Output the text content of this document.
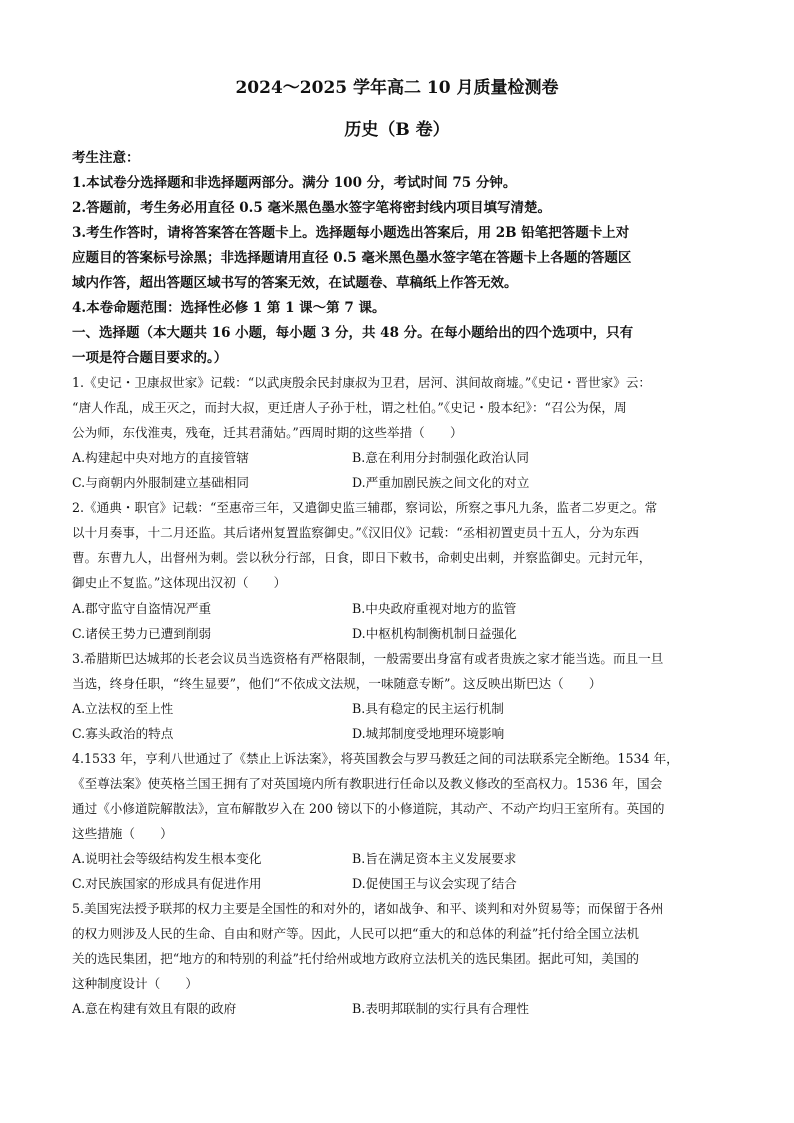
2024～2025 学年高二 10 月质量检测卷
历史（B 卷）
考生注意：
1.本试卷分选择题和非选择题两部分。满分 100 分，考试时间 75 分钟。
2.答题前，考生务必用直径 0.5 毫米黑色墨水签字笔将密封线内项目填写清楚。
3.考生作答时，请将答案答在答题卡上。选择题每小题选出答案后，用 2B 铅笔把答题卡上对
应题目的答案标号涂黑；非选择题请用直径 0.5 毫米黑色墨水签字笔在答题卡上各题的答题区
域内作答，超出答题区域书写的答案无效，在试题卷、草稿纸上作答无效。
4.本卷命题范围：选择性必修 1 第 1 课～第 7 课。
一、选择题（本大题共 16 小题，每小题 3 分，共 48 分。在每小题给出的四个选项中，只有
一项是符合题目要求的。）
1.《史记・卫康叔世家》记载：“以武庚殷余民封康叔为卫君，居河、淇间故商墟。”《史记・晋世家》云：
“唐人作乱，成王灭之，而封大叔，更迁唐人子孙于杜，谓之杜伯。”《史记・殷本纪》：“召公为保，周
公为师，东伐淮夷，残奄，迁其君蒲姑。”西周时期的这些举措（　　）
A.构建起中央对地方的直接管辖	B.意在利用分封制强化政治认同
C.与商朝内外服制建立基础相同	D.严重加剧民族之间文化的对立
2.《通典・职官》记载：“至惠帝三年，又遣御史监三辅郡，察词讼，所察之事凡九条，监者二岁更之。常
以十月奏事，十二月还监。其后诸州复置监察御史。”《汉旧仪》记载：“丞相初置吏员十五人，分为东西
曹。东曹九人，出督州为刺。尝以秋分行部，日食，即日下敕书，命刺史出刺，并察监御史。元封元年，
御史止不复监。”这体现出汉初（　　）
A.郡守监守自盗情况严重	B.中央政府重视对地方的监管
C.诸侯王势力已遭到削弱	D.中枢机构制衡机制日益强化
3.希腊斯巴达城邦的长老会议员当选资格有严格限制，一般需要出身富有或者贵族之家才能当选。而且一旦
当选，终身任职，“终生显要”，他们“不依成文法规，一味随意专断”。这反映出斯巴达（　　）
A.立法权的至上性	B.具有稳定的民主运行机制
C.寡头政治的特点	D.城邦制度受地理环境影响
4.1533 年，亨利八世通过了《禁止上诉法案》，将英国教会与罗马教廷之间的司法联系完全断绝。1534 年，
《至尊法案》使英格兰国王拥有了对英国境内所有教职进行任命以及教义修改的至高权力。1536 年，国会
通过《小修道院解散法》，宣布解散岁入在 200 镑以下的小修道院，其动产、不动产均归王室所有。英国的
这些措施（　　）
A.说明社会等级结构发生根本变化	B.旨在满足资本主义发展要求
C.对民族国家的形成具有促进作用	D.促使国王与议会实现了结合
5.美国宪法授予联邦的权力主要是全国性的和对外的，诸如战争、和平、谈判和对外贸易等；而保留于各州
的权力则涉及人民的生命、自由和财产等。因此，人民可以把“重大的和总体的利益”托付给全国立法机
关的选民集团，把“地方的和特别的利益”托付给州或地方政府立法机关的选民集团。据此可知，美国的
这种制度设计（　　）
A.意在构建有效且有限的政府	B.表明邦联制的实行具有合理性
